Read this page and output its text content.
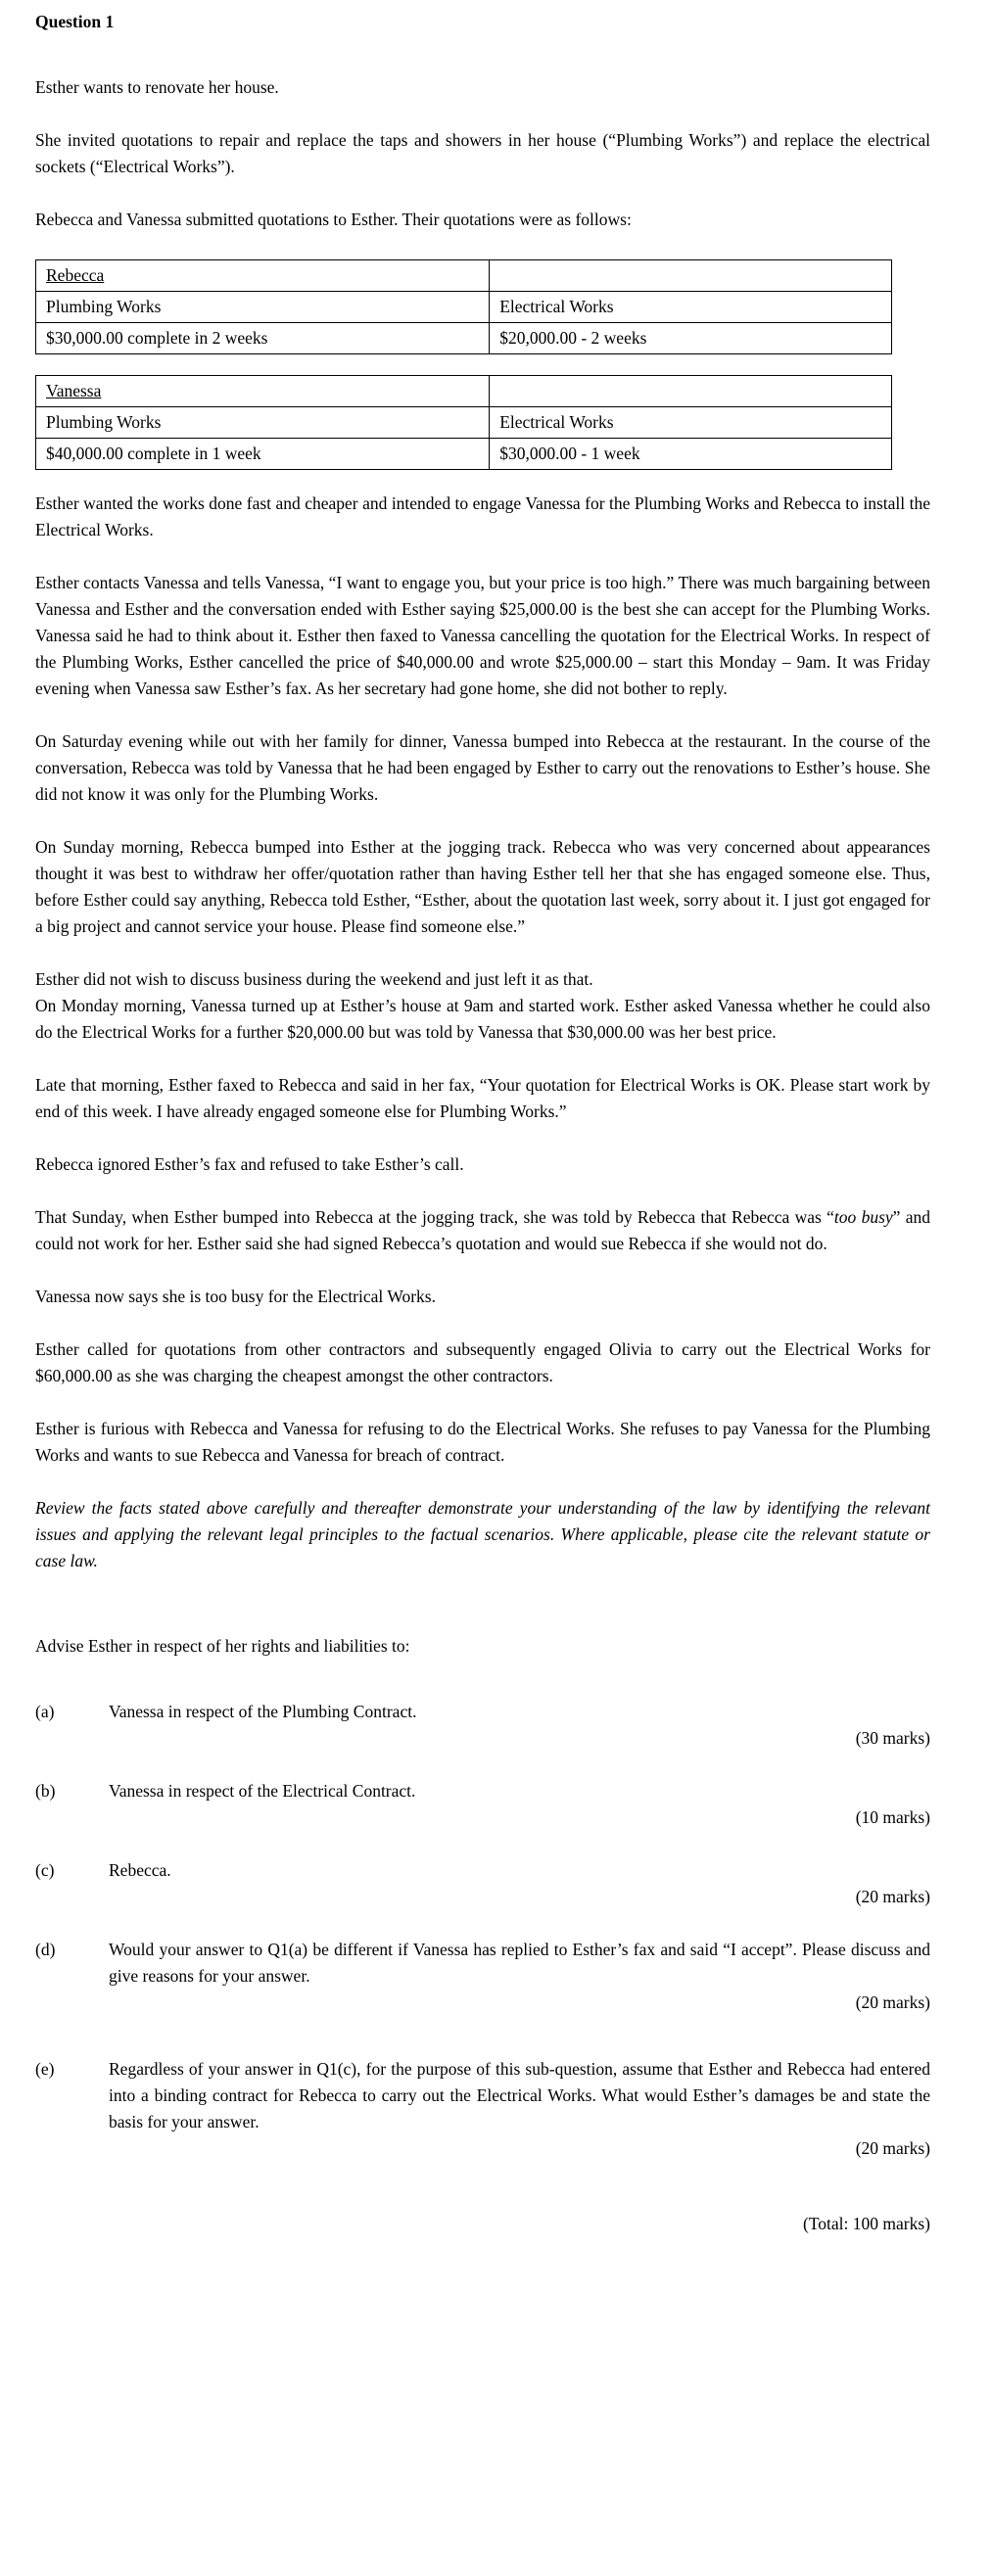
Question 1

Esther wants to renovate her house.

She invited quotations to repair and replace the taps and showers in her house (“Plumbing Works”) and replace the electrical sockets (“Electrical Works”).

Rebecca and Vanessa submitted quotations to Esther. Their quotations were as follows:

Rebecca	
Plumbing Works	Electrical Works
$30,000.00 complete in 2 weeks	$20,000.00 - 2 weeks
Vanessa	
Plumbing Works	Electrical Works
$40,000.00 complete in 1 week	$30,000.00 - 1 week

Esther wanted the works done fast and cheaper and intended to engage Vanessa for the Plumbing Works and Rebecca to install the Electrical Works.

Esther contacts Vanessa and tells Vanessa, “I want to engage you, but your price is too high.” There was much bargaining between Vanessa and Esther and the conversation ended with Esther saying $25,000.00 is the best she can accept for the Plumbing Works. Vanessa said he had to think about it. Esther then faxed to Vanessa cancelling the quotation for the Electrical Works. In respect of the Plumbing Works, Esther cancelled the price of $40,000.00 and wrote $25,000.00 – start this Monday – 9am. It was Friday evening when Vanessa saw Esther’s fax. As her secretary had gone home, she did not bother to reply.

On Saturday evening while out with her family for dinner, Vanessa bumped into Rebecca at the restaurant. In the course of the conversation, Rebecca was told by Vanessa that he had been engaged by Esther to carry out the renovations to Esther’s house. She did not know it was only for the Plumbing Works.

On Sunday morning, Rebecca bumped into Esther at the jogging track. Rebecca who was very concerned about appearances thought it was best to withdraw her offer/quotation rather than having Esther tell her that she has engaged someone else. Thus, before Esther could say anything, Rebecca told Esther, “Esther, about the quotation last week, sorry about it. I just got engaged for a big project and cannot service your house. Please find someone else.”

Esther did not wish to discuss business during the weekend and just left it as that.

On Monday morning, Vanessa turned up at Esther’s house at 9am and started work. Esther asked Vanessa whether he could also do the Electrical Works for a further $20,000.00 but was told by Vanessa that $30,000.00 was her best price.

Late that morning, Esther faxed to Rebecca and said in her fax, “Your quotation for Electrical Works is OK. Please start work by end of this week. I have already engaged someone else for Plumbing Works.”

Rebecca ignored Esther’s fax and refused to take Esther’s call.

That Sunday, when Esther bumped into Rebecca at the jogging track, she was told by Rebecca that Rebecca was “too busy” and could not work for her. Esther said she had signed Rebecca’s quotation and would sue Rebecca if she would not do.

Vanessa now says she is too busy for the Electrical Works.

Esther called for quotations from other contractors and subsequently engaged Olivia to carry out the Electrical Works for $60,000.00 as she was charging the cheapest amongst the other contractors.

Esther is furious with Rebecca and Vanessa for refusing to do the Electrical Works. She refuses to pay Vanessa for the Plumbing Works and wants to sue Rebecca and Vanessa for breach of contract.

Review the facts stated above carefully and thereafter demonstrate your understanding of the law by identifying the relevant issues and applying the relevant legal principles to the factual scenarios. Where applicable, please cite the relevant statute or case law.

Advise Esther in respect of her rights and liabilities to:

(a)	Vanessa in respect of the Plumbing Contract.
(30 marks)
(b)	Vanessa in respect of the Electrical Contract.
(10 marks)
(c)	Rebecca.
(20 marks)
(d)	Would your answer to Q1(a) be different if Vanessa has replied to Esther’s fax and said “I accept”. Please discuss and give reasons for your answer.
(20 marks)
(e)	Regardless of your answer in Q1(c), for the purpose of this sub-question, assume that Esther and Rebecca had entered into a binding contract for Rebecca to carry out the Electrical Works. What would Esther’s damages be and state the basis for your answer.
(20 marks)
(Total: 100 marks)
